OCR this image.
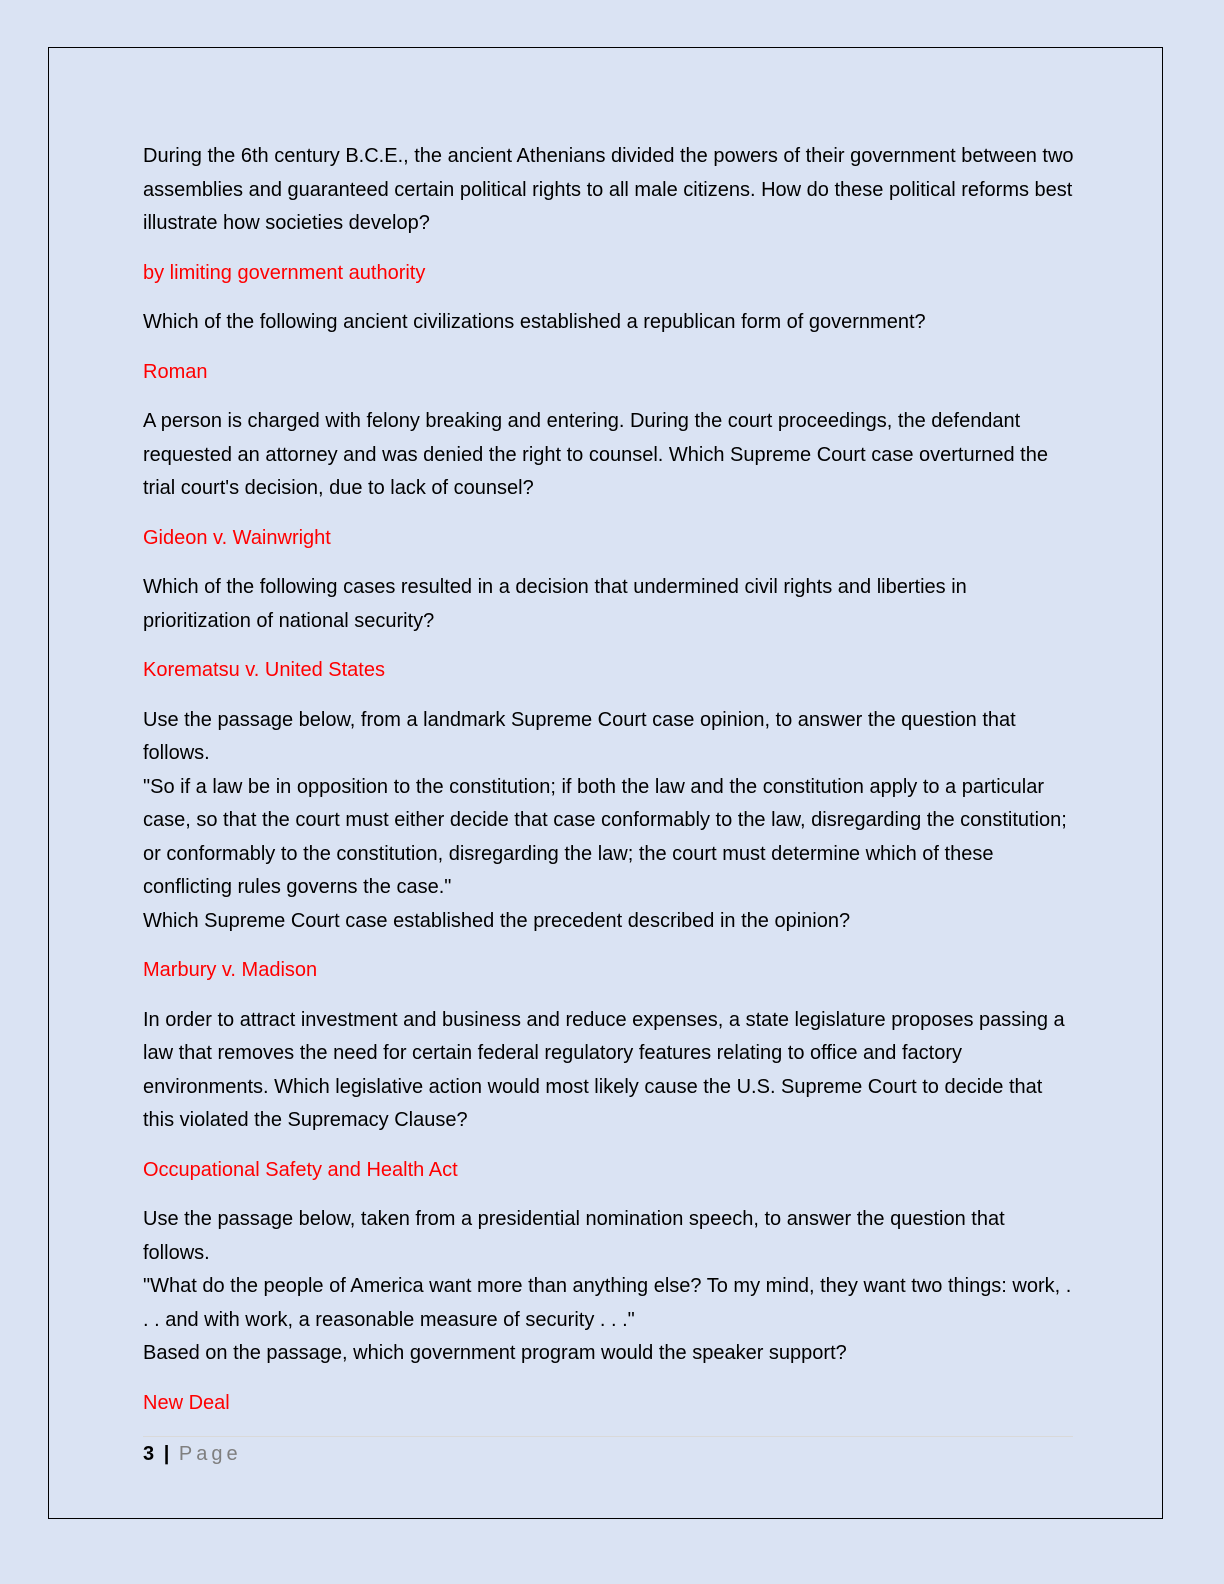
During the 6th century B.C.E., the ancient Athenians divided the powers of their government between two assemblies and guaranteed certain political rights to all male citizens. How do these political reforms best illustrate how societies develop?

by limiting government authority

Which of the following ancient civilizations established a republican form of government?

Roman

A person is charged with felony breaking and entering. During the court proceedings, the defendant requested an attorney and was denied the right to counsel. Which Supreme Court case overturned the trial court's decision, due to lack of counsel?

Gideon v. Wainwright

Which of the following cases resulted in a decision that undermined civil rights and liberties in prioritization of national security?

Korematsu v. United States

Use the passage below, from a landmark Supreme Court case opinion, to answer the question that follows.
"So if a law be in opposition to the constitution; if both the law and the constitution apply to a particular case, so that the court must either decide that case conformably to the law, disregarding the constitution; or conformably to the constitution, disregarding the law; the court must determine which of these conflicting rules governs the case."
Which Supreme Court case established the precedent described in the opinion?

Marbury v. Madison

In order to attract investment and business and reduce expenses, a state legislature proposes passing a law that removes the need for certain federal regulatory features relating to office and factory environments. Which legislative action would most likely cause the U.S. Supreme Court to decide that this violated the Supremacy Clause?

Occupational Safety and Health Act

Use the passage below, taken from a presidential nomination speech, to answer the question that follows.
"What do the people of America want more than anything else? To my mind, they want two things: work, . . . and with work, a reasonable measure of security . . ."
Based on the passage, which government program would the speaker support?

New Deal

3 | Page
